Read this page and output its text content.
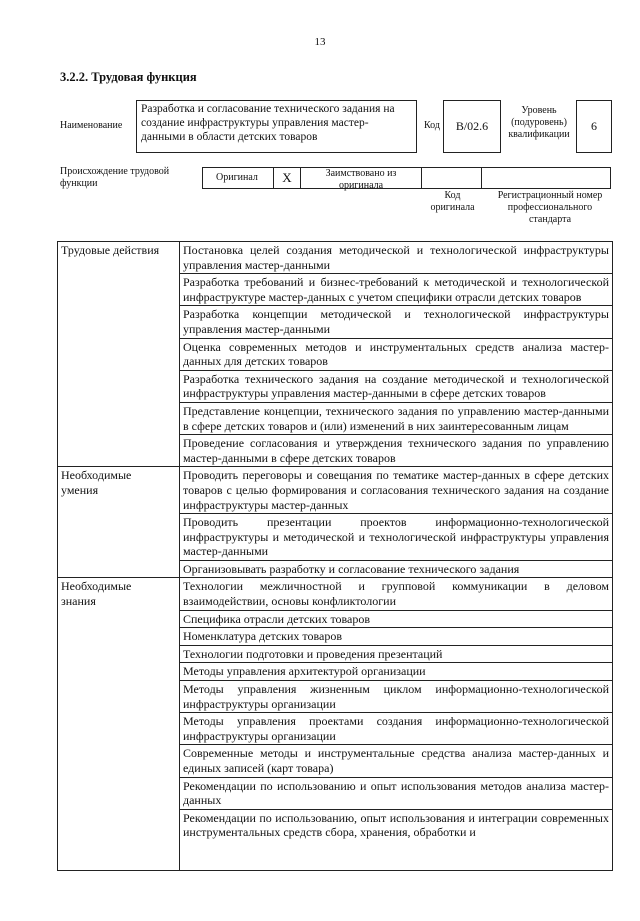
13
3.2.2. Трудовая функция
Наименование
Разработка и согласование технического задания на создание инфраструктуры управления мастер-данными в области детских товаров
Код	B/02.6
Уровень
(подуровень)
квалификации
6
Происхождение трудовой
функции
Оригинал	X	Заимствовано из
оригинала
Код
оригинала
Регистрационный номер
профессионального
стандарта
Трудовые действия	Постановка целей создания методической и технологической инфраструктуры управления мастер-данными
	Разработка требований и бизнес-требований к методической и технологической инфраструктуре мастер-данных с учетом специфики отрасли детских товаров
	Разработка концепции методической и технологической инфраструктуры управления мастер-данными
	Оценка современных методов и инструментальных средств анализа мастер-данных для детских товаров
	Разработка технического задания на создание методической и технологической инфраструктуры управления мастер-данными в сфере детских товаров
	Представление концепции, технического задания по управлению мастер-данными в сфере детских товаров и (или) изменений в них заинтересованным лицам
	Проведение согласования и утверждения технического задания по управлению мастер-данными в сфере детских товаров

Необходимые
умения	Проводить переговоры и совещания по тематике мастер-данных в сфере детских товаров с целью формирования и согласования технического задания на создание инфраструктуры мастер-данных
	Проводить презентации проектов информационно-технологической инфраструктуры и методической и технологической инфраструктуры управления мастер-данными
	Организовывать разработку и согласование технического задания

Необходимые
знания	Технологии межличностной и групповой коммуникации в деловом взаимодействии, основы конфликтологии
	Специфика отрасли детских товаров
	Номенклатура детских товаров
	Технологии подготовки и проведения презентаций
	Методы управления архитектурой организации
	Методы управления жизненным циклом информационно-технологической инфраструктуры организации
	Методы управления проектами создания информационно-технологической инфраструктуры организации
	Современные методы и инструментальные средства анализа мастер-данных и единых записей (карт товара)
	Рекомендации по использованию и опыт использования методов анализа мастер-данных
	Рекомендации по использованию, опыт использования и интеграции современных инструментальных средств сбора, хранения, обработки и
